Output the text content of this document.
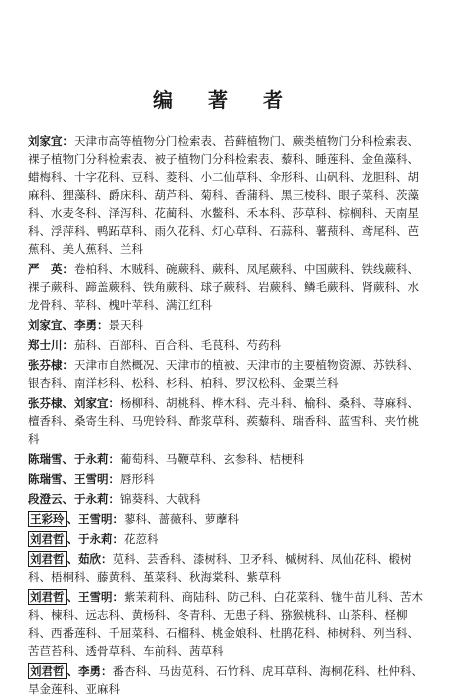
编 著 者

刘家宜：天津市高等植物分门检索表、苔藓植物门、蕨类植物门分科检索表、裸子植物门分科检索表、被子植物门分科检索表、藜科、睡莲科、金鱼藻科、蜡梅科、十字花科、豆科、菱科、小二仙草科、伞形科、山矾科、龙胆科、胡麻科、狸藻科、爵床科、葫芦科、菊科、香蒲科、黑三棱科、眼子菜科、茨藻科、水麦冬科、泽泻科、花蔺科、水鳖科、禾本科、莎草科、棕榈科、天南星科、浮萍科、鸭跖草科、雨久花科、灯心草科、石蒜科、薯蓣科、鸢尾科、芭蕉科、美人蕉科、兰科

严　英：卷柏科、木贼科、碗蕨科、蕨科、凤尾蕨科、中国蕨科、铁线蕨科、裸子蕨科、蹄盖蕨科、铁角蕨科、球子蕨科、岩蕨科、鳞毛蕨科、肾蕨科、水龙骨科、苹科、槐叶苹科、满江红科

刘家宜、李勇：景天科

郑士川：茄科、百部科、百合科、毛茛科、芍药科

张芬棣：天津市自然概况、天津市的植被、天津市的主要植物资源、苏铁科、银杏科、南洋杉科、松科、杉科、柏科、罗汉松科、金粟兰科

张芬棣、刘家宜：杨柳科、胡桃科、桦木科、壳斗科、榆科、桑科、荨麻科、檀香科、桑寄生科、马兜铃科、酢浆草科、蒺藜科、瑞香科、蓝雪科、夹竹桃科

陈瑞雪、于永莉：葡萄科、马鞭草科、玄参科、桔梗科

陈瑞雪、王雪明：唇形科

段澄云、于永莉：锦葵科、大戟科

王彩玲 、王雪明：蓼科、蔷薇科、萝藦科

刘君哲 、于永莉：花荵科

刘君哲 、茹欣：苋科、芸香科、漆树科、卫矛科、槭树科、凤仙花科、椴树科、梧桐科、藤黄科、堇菜科、秋海棠科、紫草科

刘君哲 、王雪明：紫茉莉科、商陆科、防己科、白花菜科、牻牛苗儿科、苦木科、楝科、远志科、黄杨科、冬青科、无患子科、猕猴桃科、山茶科、柽柳科、西番莲科、千屈菜科、石榴科、桃金娘科、杜鹃花科、柿树科、列当科、苦苣苔科、透骨草科、车前科、茜草科

刘君哲 、李勇：番杏科、马齿苋科、石竹科、虎耳草科、海桐花科、杜仲科、旱金莲科、亚麻科
